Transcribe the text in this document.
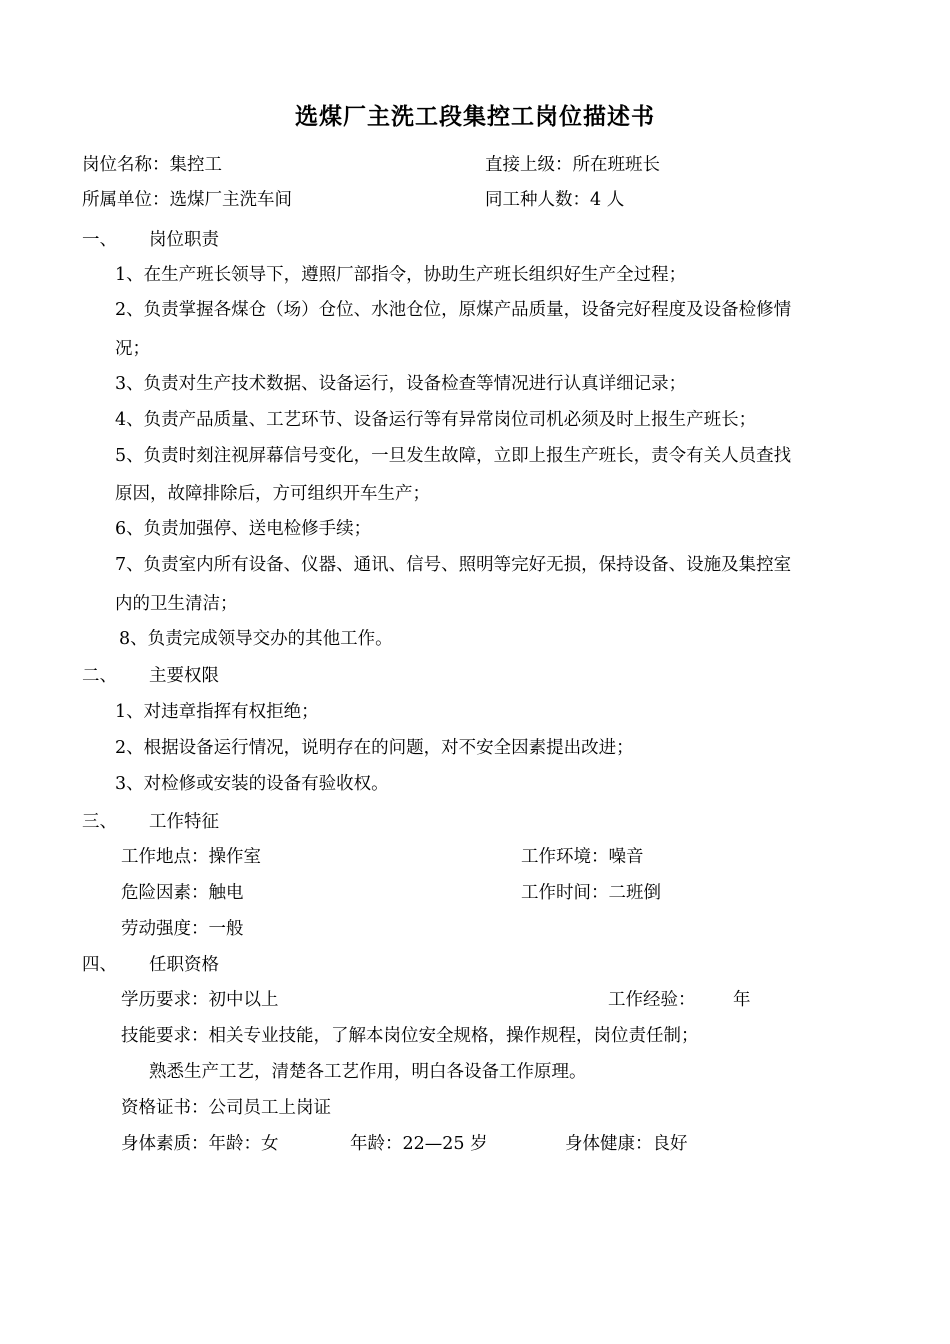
选煤厂主洗工段集控工岗位描述书
岗位名称：集控工	直接上级：所在班班长
所属单位：选煤厂主洗车间	同工种人数：4 人
一、 岗位职责
1、在生产班长领导下，遵照厂部指令，协助生产班长组织好生产全过程；
2、负责掌握各煤仓（场）仓位、水池仓位，原煤产品质量，设备完好程度及设备检修情
况；
3、负责对生产技术数据、设备运行，设备检查等情况进行认真详细记录；
4、负责产品质量、工艺环节、设备运行等有异常岗位司机必须及时上报生产班长；
5、负责时刻注视屏幕信号变化，一旦发生故障，立即上报生产班长，责令有关人员查找
原因，故障排除后，方可组织开车生产；
6、负责加强停、送电检修手续；
7、负责室内所有设备、仪器、通讯、信号、照明等完好无损，保持设备、设施及集控室
内的卫生清洁；
8、负责完成领导交办的其他工作。
二、 主要权限
1、对违章指挥有权拒绝；
2、根据设备运行情况，说明存在的问题，对不安全因素提出改进；
3、对检修或安装的设备有验收权。
三、 工作特征
工作地点：操作室	工作环境：噪音
危险因素：触电	工作时间：二班倒
劳动强度：一般
四、 任职资格
学历要求：初中以上	工作经验： 年
技能要求：相关专业技能，了解本岗位安全规格，操作规程，岗位责任制；
熟悉生产工艺，清楚各工艺作用，明白各设备工作原理。
资格证书：公司员工上岗证
身体素质：年龄：女	年龄：22—25 岁	身体健康：良好
